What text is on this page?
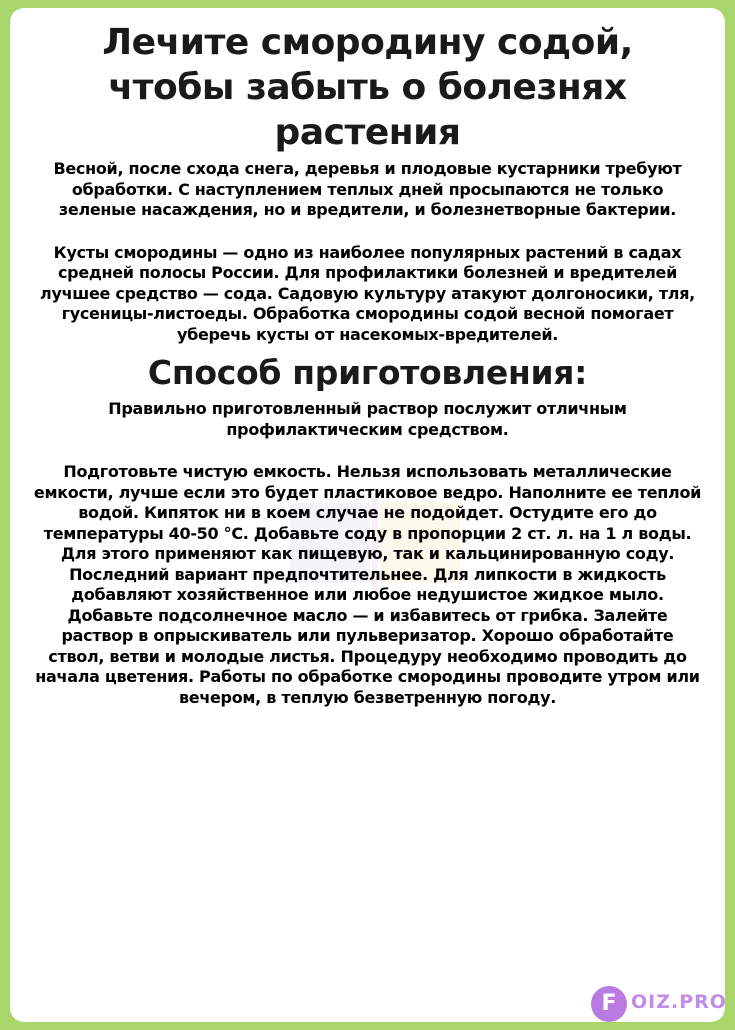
Лечите смородину содой,
чтобы забыть о болезнях
растения

Весной, после схода снега, деревья и плодовые кустарники требуют обработки. С наступлением теплых дней просыпаются не только зеленые насаждения, но и вредители, и болезнетворные бактерии.

Кусты смородины — одно из наиболее популярных растений в садах средней полосы России. Для профилактики болезней и вредителей лучшее средство — сода. Садовую культуру атакуют долгоносики, тля, гусеницы-листоеды. Обработка смородины содой весной помогает уберечь кусты от насекомых-вредителей.

Способ приготовления:

Правильно приготовленный раствор послужит отличным профилактическим средством.

Подготовьте чистую емкость. Нельзя использовать металлические емкости, лучше если это будет пластиковое ведро. Наполните ее теплой водой. Кипяток ни в коем случае не подойдет. Остудите его до температуры 40-50 °C. Добавьте соду в пропорции 2 ст. л. на 1 л воды. Для этого применяют как пищевую, так и кальцинированную соду. Последний вариант предпочтительнее. Для липкости в жидкость добавляют хозяйственное или любое недушистое жидкое мыло. Добавьте подсолнечное масло — и избавитесь от грибка. Залейте раствор в опрыскиватель или пульверизатор. Хорошо обработайте ствол, ветви и молодые листья. Процедуру необходимо проводить до начала цветения. Работы по обработке смородины проводите утром или вечером, в теплую безветренную погоду.

F OIZ.PRO
